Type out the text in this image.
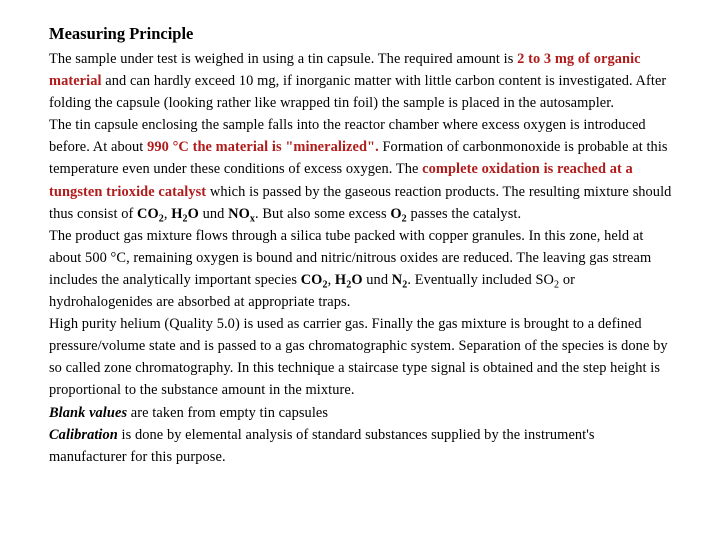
Measuring Principle

The sample under test is weighed in using a tin capsule. The required amount is 2 to 3 mg of organic material and can hardly exceed 10 mg, if inorganic matter with little carbon content is investigated. After folding the capsule (looking rather like wrapped tin foil) the sample is placed in the autosampler.

The tin capsule enclosing the sample falls into the reactor chamber where excess oxygen is introduced before. At about 990 °C the material is "mineralized". Formation of carbonmonoxide is probable at this temperature even under these conditions of excess oxygen. The complete oxidation is reached at a tungsten trioxide catalyst which is passed by the gaseous reaction products. The resulting mixture should thus consist of $CO_2$, $H_2O$ und $NO_x$. But also some excess $O_2$ passes the catalyst.

The product gas mixture flows through a silica tube packed with copper granules. In this zone, held at about 500 °C, remaining oxygen is bound and nitric/nitrous oxides are reduced. The leaving gas stream includes the analytically important species $CO_2$, $H_2O$ und $N_2$. Eventually included $SO_2$ or hydrohalogenides are absorbed at appropriate traps.

High purity helium (Quality 5.0) is used as carrier gas. Finally the gas mixture is brought to a defined pressure/volume state and is passed to a gas chromatographic system. Separation of the species is done by so called zone chromatography. In this technique a staircase type signal is obtained and the step height is proportional to the substance amount in the mixture.

Blank values are taken from empty tin capsules

Calibration is done by elemental analysis of standard substances supplied by the instrument's manufacturer for this purpose.
